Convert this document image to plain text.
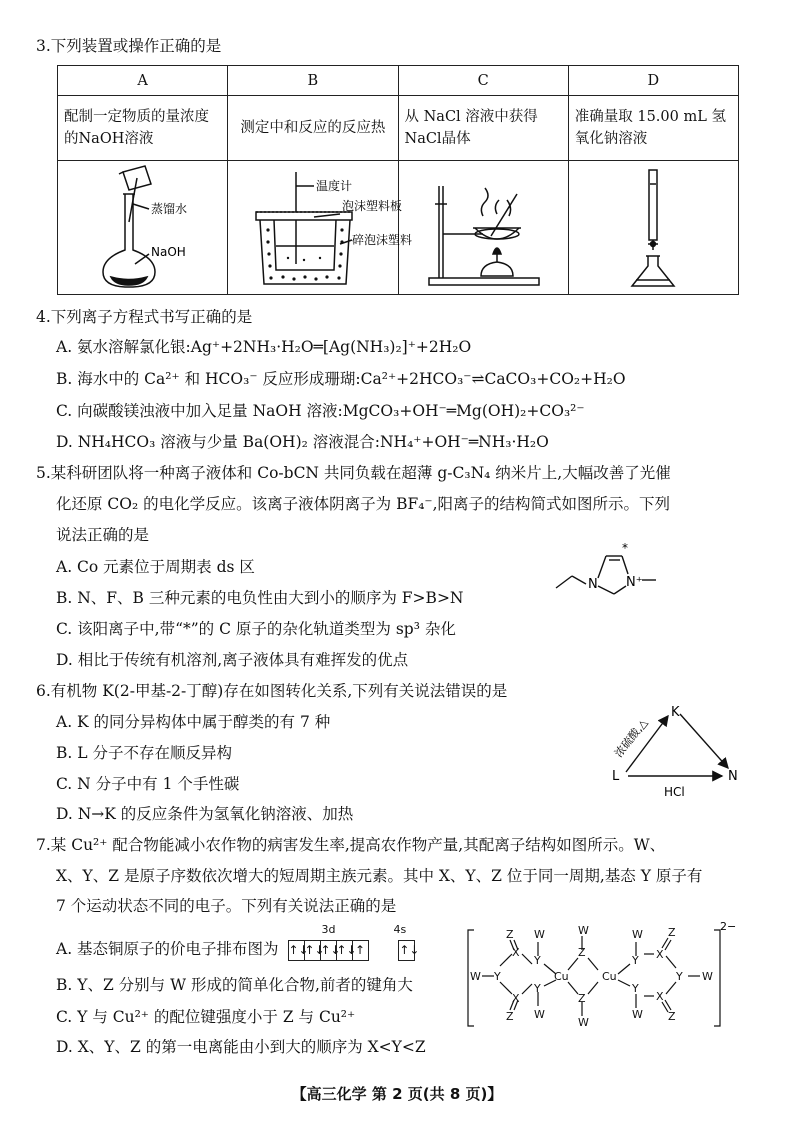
3.下列装置或操作正确的是
A	B	C	D
配制一定物质的量浓度的NaOH溶液	测定中和反应的反应热	从 NaCl 溶液中获得 NaCl晶体	准确量取 15.00 mL 氢氧化钠溶液

蒸馏水
NaOH	温度计
泡沫塑料板
碎泡沫塑料

4.下列离子方程式书写正确的是
A. 氨水溶解氯化银:Ag⁺+2NH₃·H₂O═[Ag(NH₃)₂]⁺+2H₂O
B. 海水中的 Ca²⁺ 和 HCO₃⁻ 反应形成珊瑚:Ca²⁺+2HCO₃⁻⇌CaCO₃+CO₂+H₂O
C. 向碳酸镁浊液中加入足量 NaOH 溶液:MgCO₃+OH⁻═Mg(OH)₂+CO₃²⁻
D. NH₄HCO₃ 溶液与少量 Ba(OH)₂ 溶液混合:NH₄⁺+OH⁻═NH₃·H₂O
5.某科研团队将一种离子液体和 Co-bCN 共同负载在超薄 g-C₃N₄ 纳米片上,大幅改善了光催
化还原 CO₂ 的电化学反应。该离子液体阴离子为 BF₄⁻,阳离子的结构简式如图所示。下列
说法正确的是
A. Co 元素位于周期表 ds 区
B. N、F、B 三种元素的电负性由大到小的顺序为 F>B>N
C. 该阳离子中,带“*”的 C 原子的杂化轨道类型为 sp³ 杂化
D. 相比于传统有机溶剂,离子液体具有难挥发的优点
N N⁺
*
6.有机物 K(2-甲基-2-丁醇)存在如图转化关系,下列有关说法错误的是
A. K 的同分异构体中属于醇类的有 7 种
B. L 分子不存在顺反异构
C. N 分子中有 1 个手性碳
D. N→K 的反应条件为氢氧化钠溶液、加热
K
L	N
HCl
浓硫酸,△
7.某 Cu²⁺ 配合物能减小农作物的病害发生率,提高农作物产量,其配离子结构如图所示。W、
X、Y、Z 是原子序数依次增大的短周期主族元素。其中 X、Y、Z 位于同一周期,基态 Y 原子有
7 个运动状态不同的电子。下列有关说法正确的是
A. 基态铜原子的价电子排布图为
3d
↑↓↑↓↑↓↑↓↑
4s
↑↓
B. Y、Z 分别与 W 形成的简单化合物,前者的键角大
C. Y 与 Cu²⁺ 的配位键强度小于 Z 与 Cu²⁺
D. X、Y、Z 的第一电离能由小到大的顺序为 X<Y<Z
W Y
X
X
Z
Z
Y
Y
W
W
Cu	Cu
Z
Z
W
W
Y
Y
W
W
X
X
Z
Z
Y W
2−
【高三化学 第 2 页(共 8 页)】
